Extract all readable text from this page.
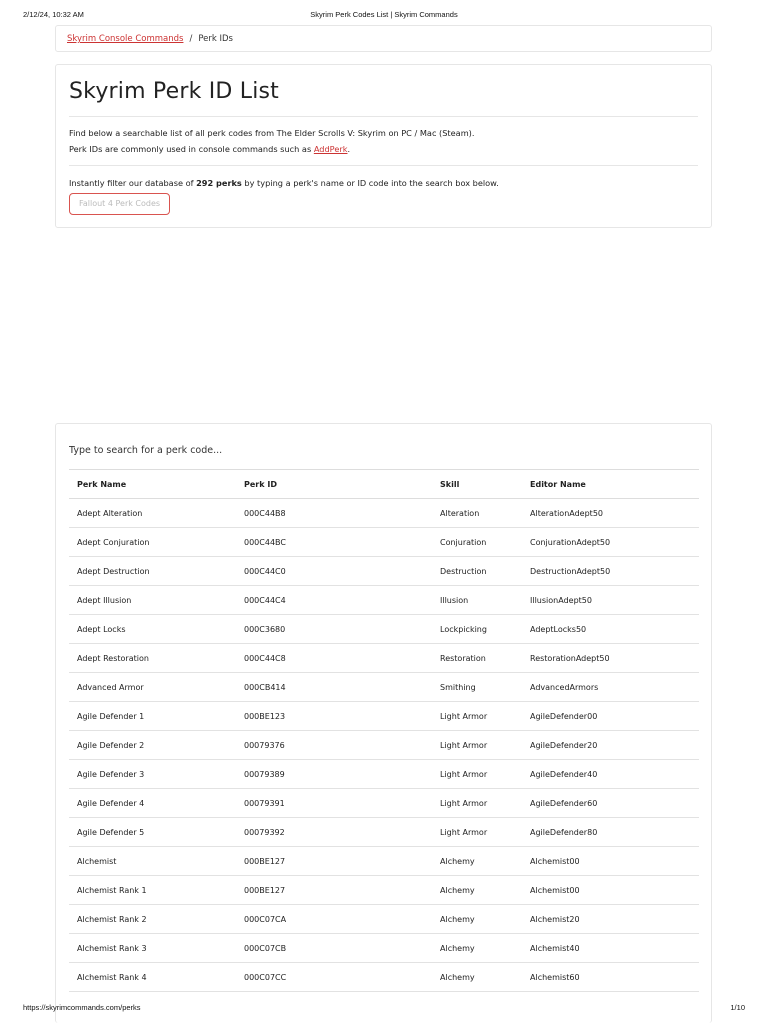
2/12/24, 10:32 AM	Skyrim Perk Codes List | Skyrim Commands
Skyrim Console Commands / Perk IDs
Skyrim Perk ID List
Find below a searchable list of all perk codes from The Elder Scrolls V: Skyrim on PC / Mac (Steam).
Perk IDs are commonly used in console commands such as AddPerk.
Instantly filter our database of 292 perks by typing a perk's name or ID code into the search box below.
Fallout 4 Perk Codes
Type to search for a perk code...
Perk Name	Perk ID	Skill	Editor Name
Adept Alteration	000C44B8	Alteration	AlterationAdept50
Adept Conjuration	000C44BC	Conjuration	ConjurationAdept50
Adept Destruction	000C44C0	Destruction	DestructionAdept50
Adept Illusion	000C44C4	Illusion	IllusionAdept50
Adept Locks	000C3680	Lockpicking	AdeptLocks50
Adept Restoration	000C44C8	Restoration	RestorationAdept50
Advanced Armor	000CB414	Smithing	AdvancedArmors
Agile Defender 1	000BE123	Light Armor	AgileDefender00
Agile Defender 2	00079376	Light Armor	AgileDefender20
Agile Defender 3	00079389	Light Armor	AgileDefender40
Agile Defender 4	00079391	Light Armor	AgileDefender60
Agile Defender 5	00079392	Light Armor	AgileDefender80
Alchemist	000BE127	Alchemy	Alchemist00
Alchemist Rank 1	000BE127	Alchemy	Alchemist00
Alchemist Rank 2	000C07CA	Alchemy	Alchemist20
Alchemist Rank 3	000C07CB	Alchemy	Alchemist40
Alchemist Rank 4	000C07CC	Alchemy	Alchemist60
https://skyrimcommands.com/perks	1/10
